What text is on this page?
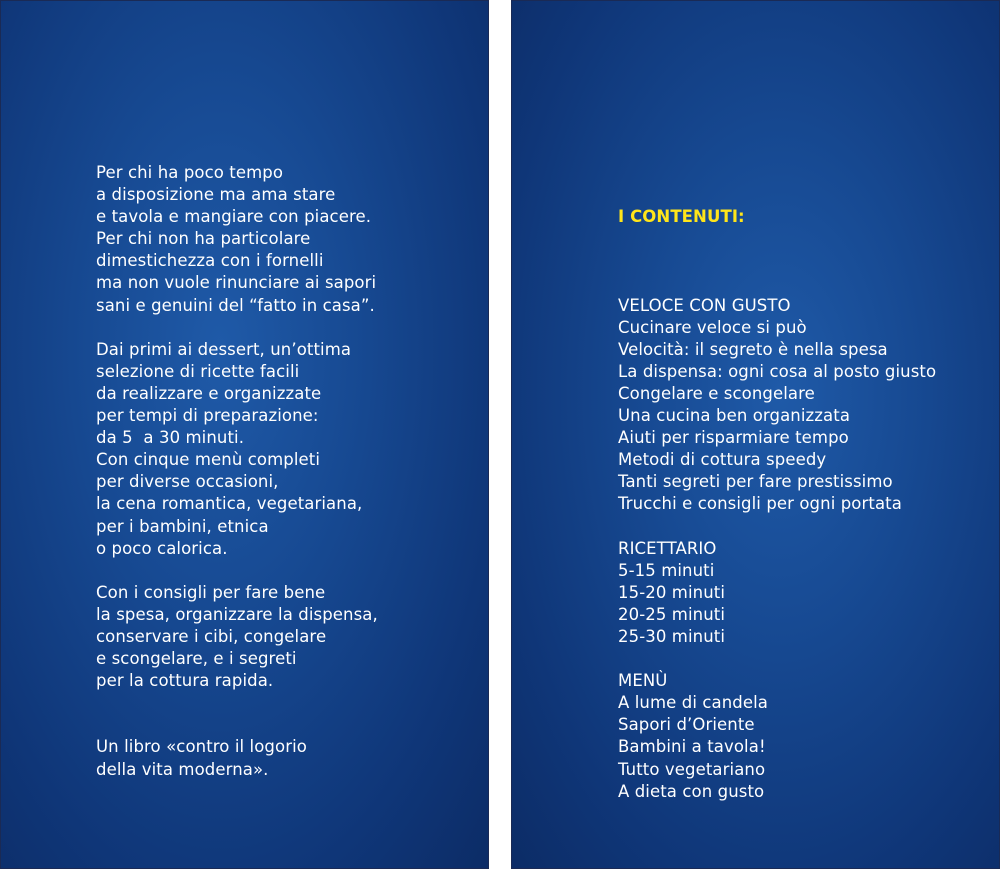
Per chi ha poco tempo
a disposizione ma ama stare
e tavola e mangiare con piacere.
Per chi non ha particolare
dimestichezza con i fornelli
ma non vuole rinunciare ai sapori
sani e genuini del “fatto in casa”.
Dai primi ai dessert, un’ottima
selezione di ricette facili
da realizzare e organizzate
per tempi di preparazione:
da 5  a 30 minuti.
Con cinque menù completi
per diverse occasioni,
la cena romantica, vegetariana,
per i bambini, etnica
o poco calorica.
Con i consigli per fare bene
la spesa, organizzare la dispensa,
conservare i cibi, congelare
e scongelare, e i segreti
per la cottura rapida.
Un libro «contro il logorio
della vita moderna».

I CONTENUTI:

VELOCE CON GUSTO
Cucinare veloce si può
Velocità: il segreto è nella spesa
La dispensa: ogni cosa al posto giusto
Congelare e scongelare
Una cucina ben organizzata
Aiuti per risparmiare tempo
Metodi di cottura speedy
Tanti segreti per fare prestissimo
Trucchi e consigli per ogni portata
RICETTARIO
5-15 minuti
15-20 minuti
20-25 minuti
25-30 minuti
MENÙ
A lume di candela
Sapori d’Oriente
Bambini a tavola!
Tutto vegetariano
A dieta con gusto
